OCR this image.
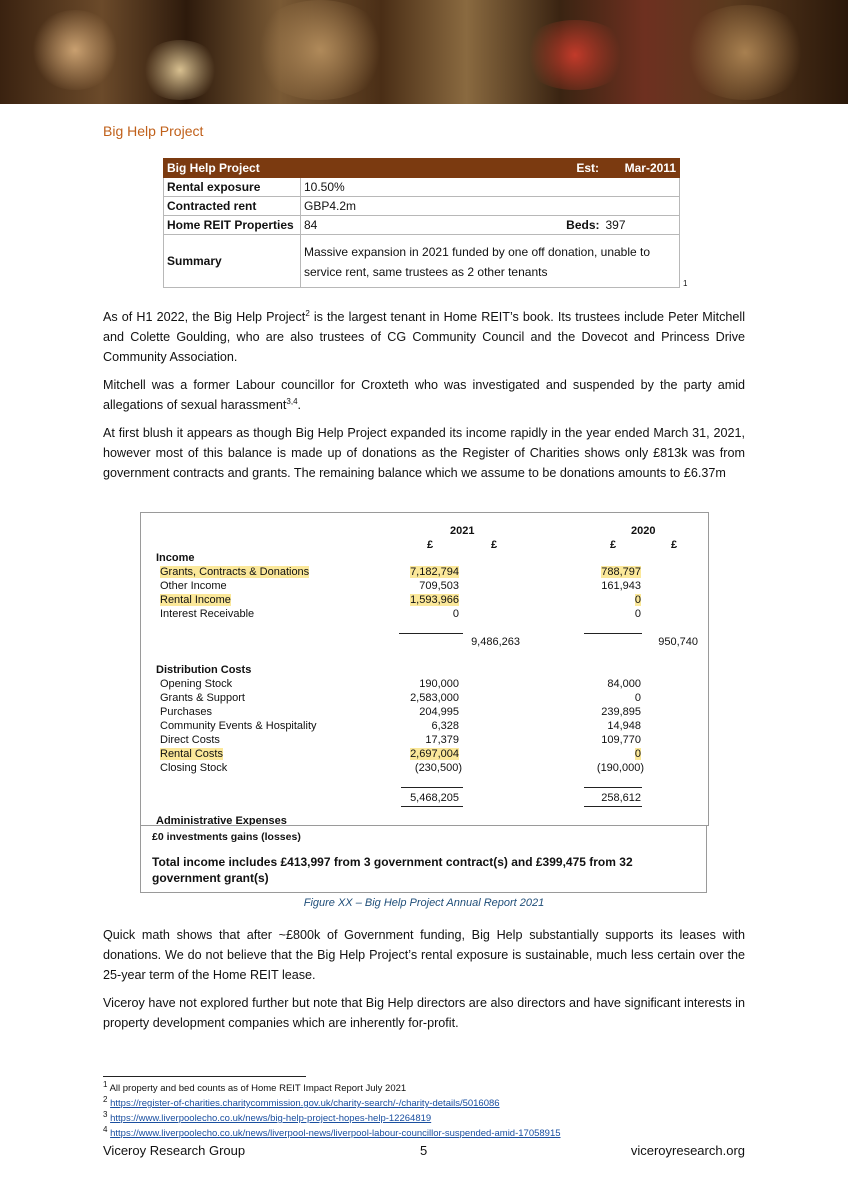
Big Help Project
Big Help Project		Est:	Mar-2011
Rental exposure	10.50%		
Contracted rent	GBP4.2m		
Home REIT Properties	84	Beds:	397
Summary	Massive expansion in 2021 funded by one off donation, unable to service rent, same trustees as 2 other tenants		
1

As of H1 2022, the Big Help Project$^2$ is the largest tenant in Home REIT’s book. Its trustees include Peter Mitchell and Colette Goulding, who are also trustees of CG Community Council and the Dovecot and Princess Drive Community Association.

Mitchell was a former Labour councillor for Croxteth who was investigated and suspended by the party amid allegations of sexual harassment$^{3,4}$.

At first blush it appears as though Big Help Project expanded its income rapidly in the year ended March 31, 2021, however most of this balance is made up of donations as the Register of Charities shows only £813k was from government contracts and grants. The remaining balance which we assume to be donations amounts to £6.37m

2021	2020
£	£	£	£
Income
Grants, Contracts & Donations	7,182,794	788,797
Other Income	709,503	161,943
Rental Income	1,593,966	0
Interest Receivable	0	0
9,486,263	950,740
Distribution Costs
Opening Stock	190,000	84,000
Grants & Support	2,583,000	0
Purchases	204,995	239,895
Community Events & Hospitality	6,328	14,948
Direct Costs	17,379	109,770
Rental Costs	2,697,004	0
Closing Stock	(230,500)	(190,000)
5,468,205	258,612
Administrative Expenses
£0 investments gains (losses)
Total income includes £413,997 from 3 government contract(s) and £399,475 from 32 government grant(s)
Figure XX – Big Help Project Annual Report 2021

Quick math shows that after ~£800k of Government funding, Big Help substantially supports its leases with donations. We do not believe that the Big Help Project’s rental exposure is sustainable, much less certain over the 25-year term of the Home REIT lease.

Viceroy have not explored further but note that Big Help directors are also directors and have significant interests in property development companies which are inherently for-profit.

$^1$ All property and bed counts as of Home REIT Impact Report July 2021
$^2$ https://register-of-charities.charitycommission.gov.uk/charity-search/-/charity-details/5016086
$^3$ https://www.liverpoolecho.co.uk/news/big-help-project-hopes-help-12264819
$^4$ https://www.liverpoolecho.co.uk/news/liverpool-news/liverpool-labour-councillor-suspended-amid-17058915
Viceroy Research Group	5	viceroyresearch.org
